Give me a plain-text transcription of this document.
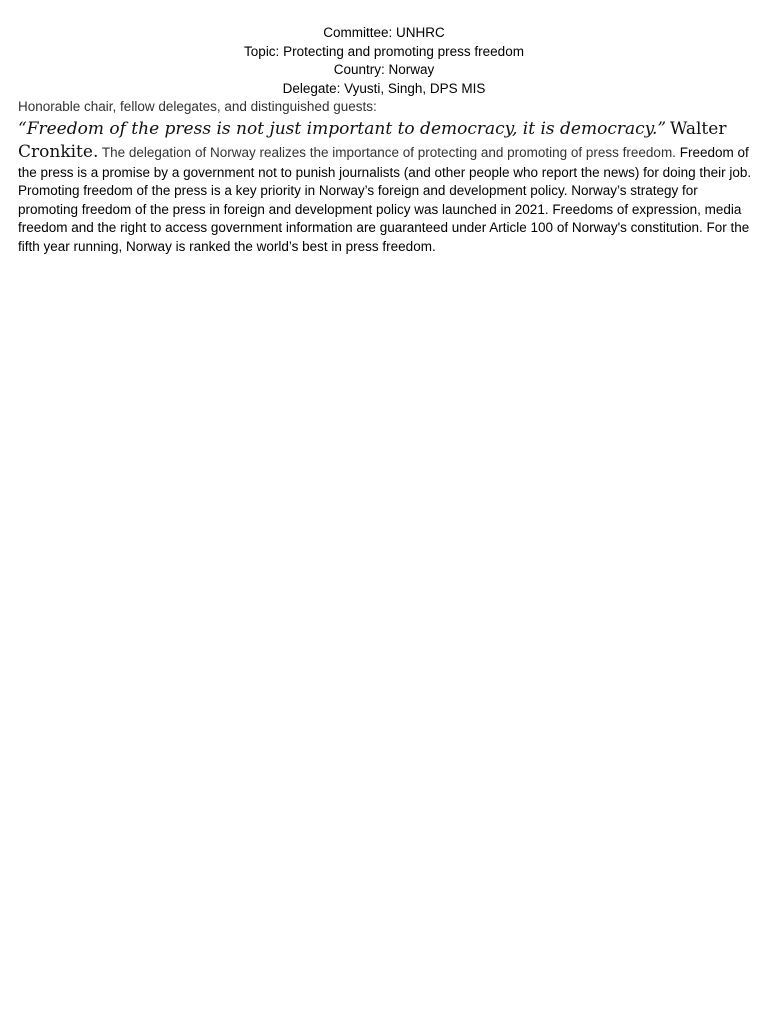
Committee: UNHRC
Topic: Protecting and promoting press freedom
Country: Norway
Delegate: Vyusti, Singh, DPS MIS
Honorable chair, fellow delegates, and distinguished guests:
“Freedom of the press is not just important to democracy, it is democracy.” Walter Cronkite. The delegation of Norway realizes the importance of protecting and promoting of press freedom. Freedom of the press is a promise by a government not to punish journalists (and other people who report the news) for doing their job. Promoting freedom of the press is a key priority in Norway’s foreign and development policy. Norway’s strategy for promoting freedom of the press in foreign and development policy was launched in 2021. Freedoms of expression, media freedom and the right to access government information are guaranteed under Article 100 of Norway's constitution. For the fifth year running, Norway is ranked the world’s best in press freedom.
